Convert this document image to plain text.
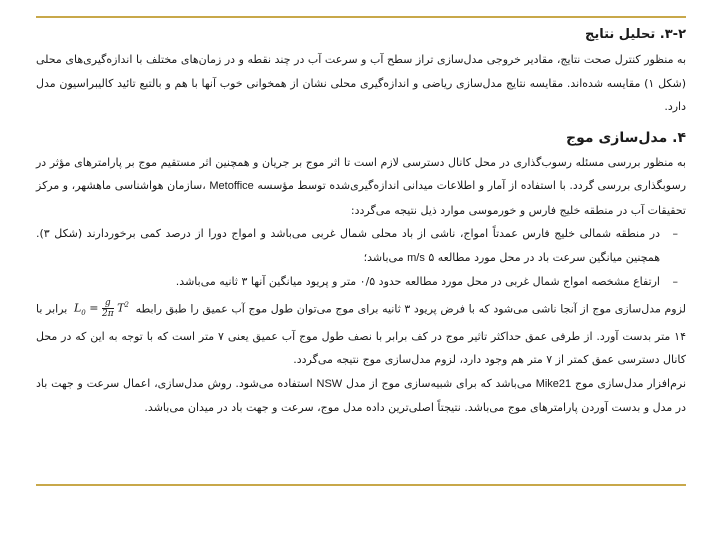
۳-۲. تحلیل نتایج

به منظور کنترل صحت نتایج، مقادیر خروجی مدل‌سازی تراز سطح آب و سرعت آب در چند نقطه و در زمان‌های مختلف با اندازه‌گیری‌های محلی (شکل ۱) مقایسه شده‌اند. مقایسه نتایج مدل‌سازی ریاضی و اندازه‌گیری محلی نشان از همخوانی خوب آنها با هم و بالتبع تائید کالیبراسیون مدل دارد.

۴. مدل‌سازی موج

به منظور بررسی مسئله رسوب‌گذاری در محل کانال دسترسی لازم است تا اثر موج بر جریان و همچنین اثر مستقیم موج بر پارامترهای مؤثر در رسوبگذاری بررسی گردد. با استفاده از آمار و اطلاعات میدانی اندازه‌گیری‌شده توسط مؤسسه Metoffice ،سازمان هواشناسی ماهشهر، و مرکز تحقیقات آب در منطقه خلیج فارس و خورموسی موارد ذیل نتیجه می‌گردد:

–
در منطقه شمالی خلیج فارس عمدتاً امواج، ناشی از باد محلی شمال غربی می‌باشد و امواج دورا از درصد کمی برخوردارند (شکل ۳). همچنین میانگین سرعت باد در محل مورد مطالعه m/s ۵ می‌باشد؛
–
ارتفاع مشخصه امواج شمال غربی در محل مورد مطالعه حدود ۰/۵ متر و پریود میانگین آنها ۳ ثانیه می‌باشد.

لزوم مدل‌سازی موج از آنجا ناشی می‌شود که با فرض پریود ۳ ثانیه برای موج می‌توان طول موج آب عمیق را طبق رابطه $L_0 = \frac{g}{2\pi} T^2$ برابر با ۱۴ متر بدست آورد. از طرفی عمق حداکثر تاثیر موج در کف برابر با نصف طول موج آب عمیق یعنی ۷ متر است که با توجه به این که در محل کانال دسترسی عمق کمتر از ۷ متر هم وجود دارد، لزوم مدل‌سازی موج نتیجه می‌گردد.

نرم‌افزار مدل‌سازی موج Mike21 می‌باشد که برای شبیه‌سازی موج از مدل NSW استفاده می‌شود. روش مدل‌سازی، اعمال سرعت و جهت باد در مدل و بدست آوردن پارامترهای موج می‌باشد. نتیجتاً اصلی‌ترین داده مدل موج، سرعت و جهت باد در میدان می‌باشد.
